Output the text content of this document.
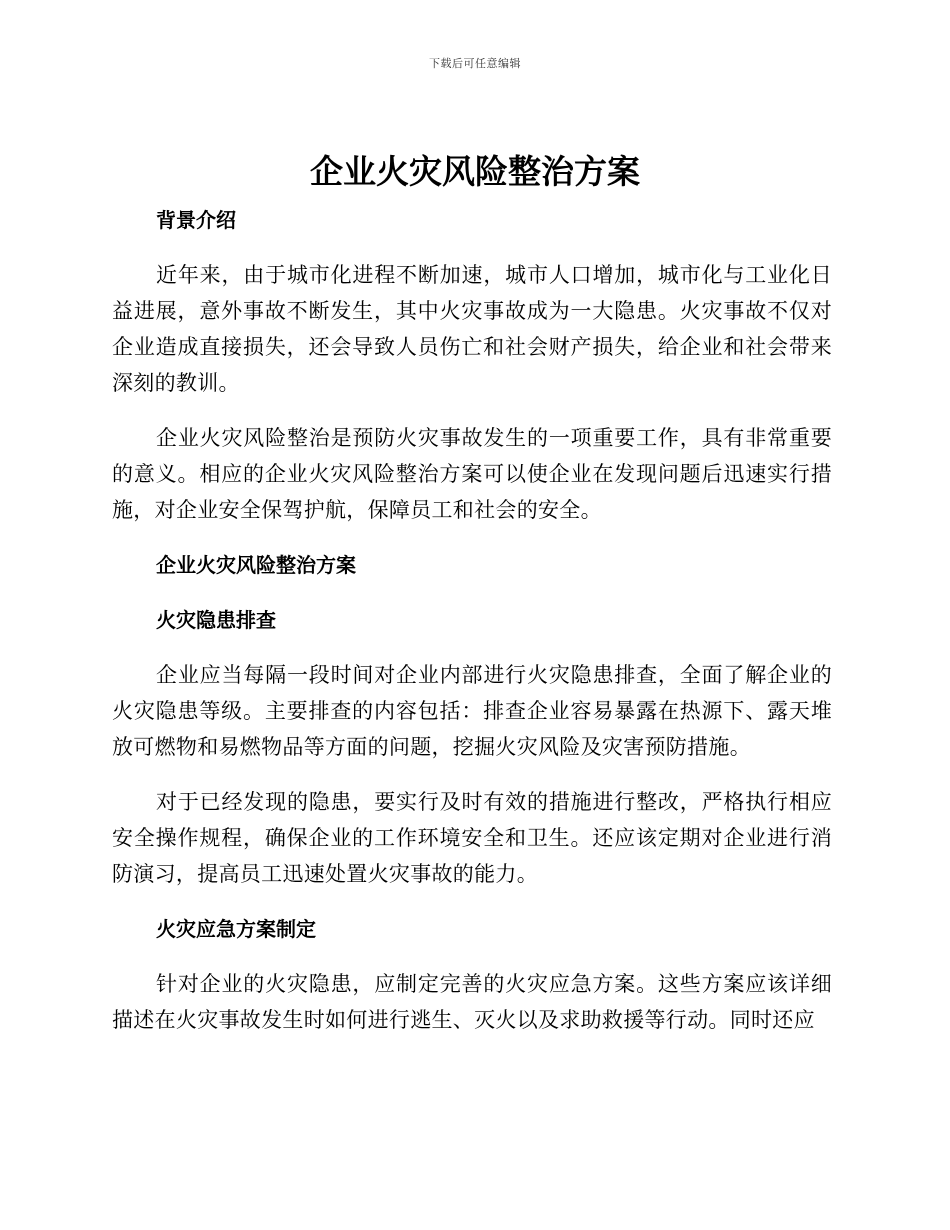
下载后可任意编辑
企业火灾风险整治方案
背景介绍

近年来，由于城市化进程不断加速，城市人口增加，城市化与工业化日益进展，意外事故不断发生，其中火灾事故成为一大隐患。火灾事故不仅对企业造成直接损失，还会导致人员伤亡和社会财产损失，给企业和社会带来深刻的教训。

企业火灾风险整治是预防火灾事故发生的一项重要工作，具有非常重要的意义。相应的企业火灾风险整治方案可以使企业在发现问题后迅速实行措施，对企业安全保驾护航，保障员工和社会的安全。

企业火灾风险整治方案
火灾隐患排查

企业应当每隔一段时间对企业内部进行火灾隐患排查，全面了解企业的火灾隐患等级。主要排查的内容包括：排查企业容易暴露在热源下、露天堆放可燃物和易燃物品等方面的问题，挖掘火灾风险及灾害预防措施。

对于已经发现的隐患，要实行及时有效的措施进行整改，严格执行相应安全操作规程，确保企业的工作环境安全和卫生。还应该定期对企业进行消防演习，提高员工迅速处置火灾事故的能力。

火灾应急方案制定

针对企业的火灾隐患，应制定完善的火灾应急方案。这些方案应该详细描述在火灾事故发生时如何进行逃生、灭火以及求助救援等行动。同时还应
